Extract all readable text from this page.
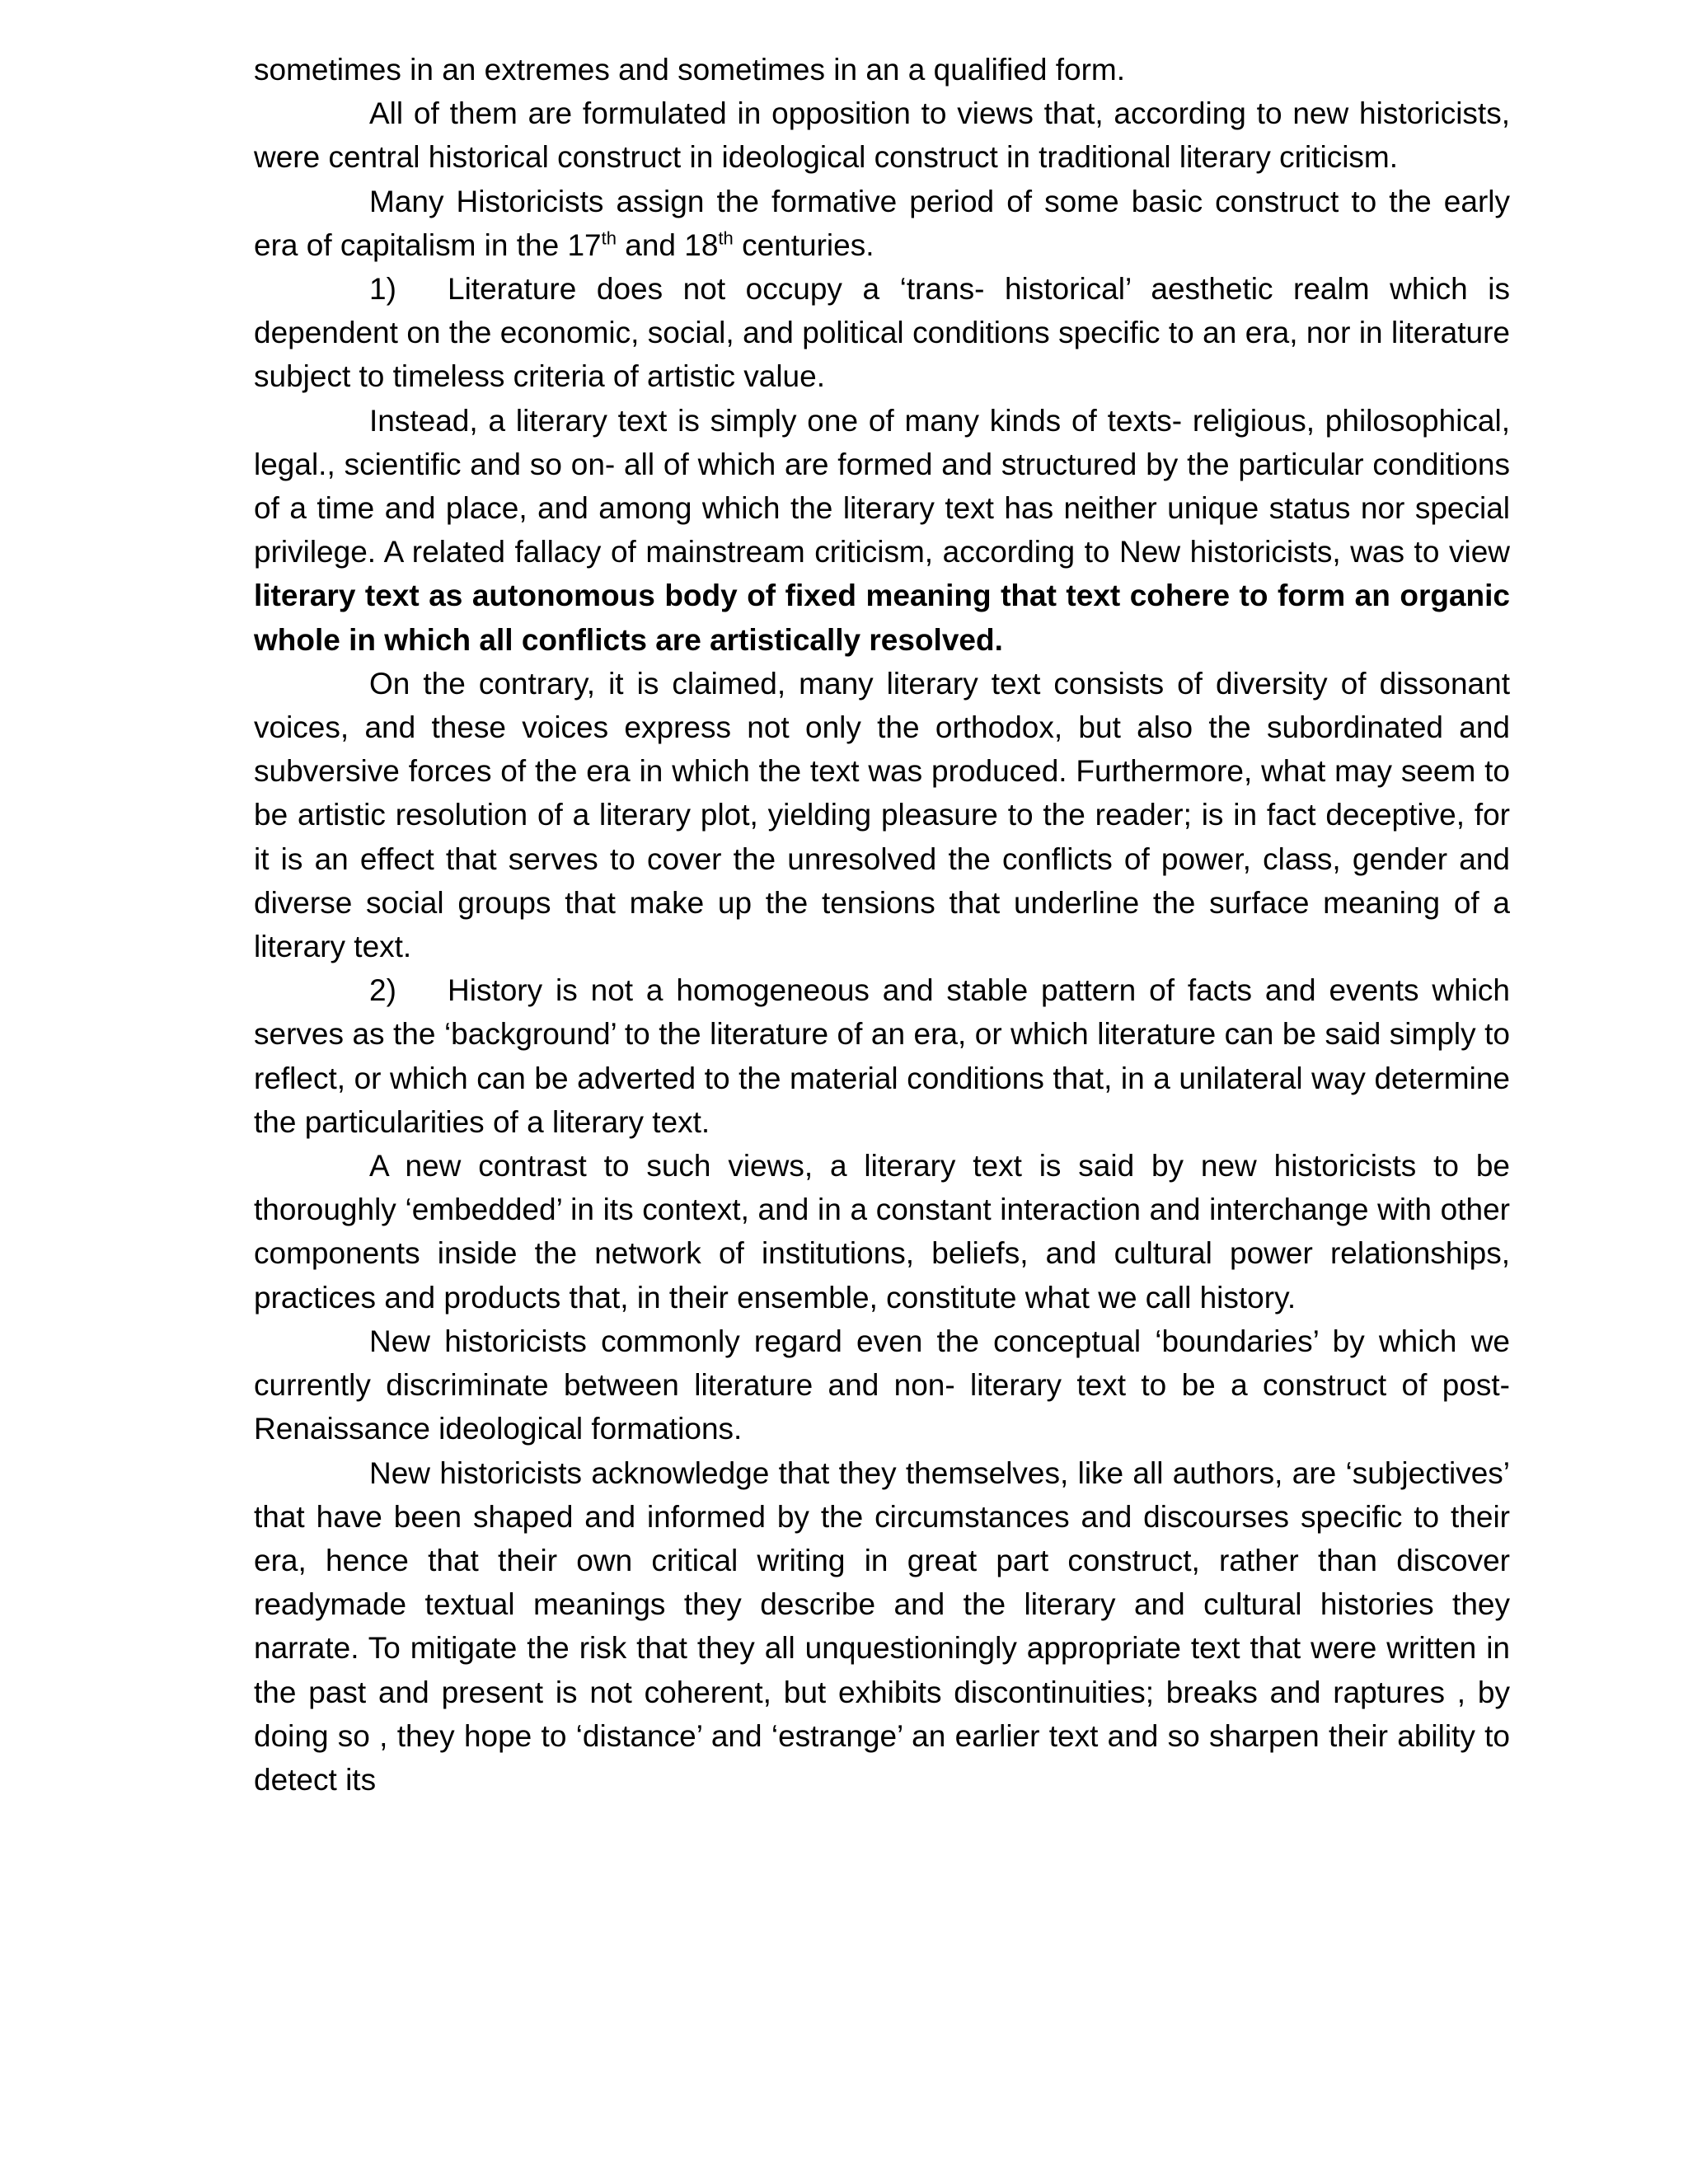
sometimes in an extremes and sometimes in an a qualified form.

All of them are formulated in opposition to views that, according to new historicists, were central historical construct in ideological construct in traditional literary criticism.

Many Historicists assign the formative period of some basic construct to the early era of capitalism in the 17th and 18th centuries.

1) Literature does not occupy a ‘trans- historical’ aesthetic realm which is dependent on the economic, social, and political conditions specific to an era, nor in literature subject to timeless criteria of artistic value.

Instead, a literary text is simply one of many kinds of texts- religious, philosophical, legal., scientific and so on- all of which are formed and structured by the particular conditions of a time and place, and among which the literary text has neither unique status nor special privilege. A related fallacy of mainstream criticism, according to New historicists, was to view literary text as autonomous body of fixed meaning that text cohere to form an organic whole in which all conflicts are artistically resolved.

On the contrary, it is claimed, many literary text consists of diversity of dissonant voices, and these voices express not only the orthodox, but also the subordinated and subversive forces of the era in which the text was produced. Furthermore, what may seem to be artistic resolution of a literary plot, yielding pleasure to the reader; is in fact deceptive, for it is an effect that serves to cover the unresolved the conflicts of power, class, gender and diverse social groups that make up the tensions that underline the surface meaning of a literary text.

2) History is not a homogeneous and stable pattern of facts and events which serves as the ‘background’ to the literature of an era, or which literature can be said simply to reflect, or which can be adverted to the material conditions that, in a unilateral way determine the particularities of a literary text.

A new contrast to such views, a literary text is said by new historicists to be thoroughly ‘embedded’ in its context, and in a constant interaction and interchange with other components inside the network of institutions, beliefs, and cultural power relationships, practices and products that, in their ensemble, constitute what we call history.

New historicists commonly regard even the conceptual ‘boundaries’ by which we currently discriminate between literature and non- literary text to be a construct of post- Renaissance ideological formations.

New historicists acknowledge that they themselves, like all authors, are ‘subjectives’ that have been shaped and informed by the circumstances and discourses specific to their era, hence that their own critical writing in great part construct, rather than discover readymade textual meanings they describe and the literary and cultural histories they narrate. To mitigate the risk that they all unquestioningly appropriate text that were written in the past and present is not coherent, but exhibits discontinuities; breaks and raptures , by doing so , they hope to ‘distance’ and ‘estrange’ an earlier text and so sharpen their ability to detect its
